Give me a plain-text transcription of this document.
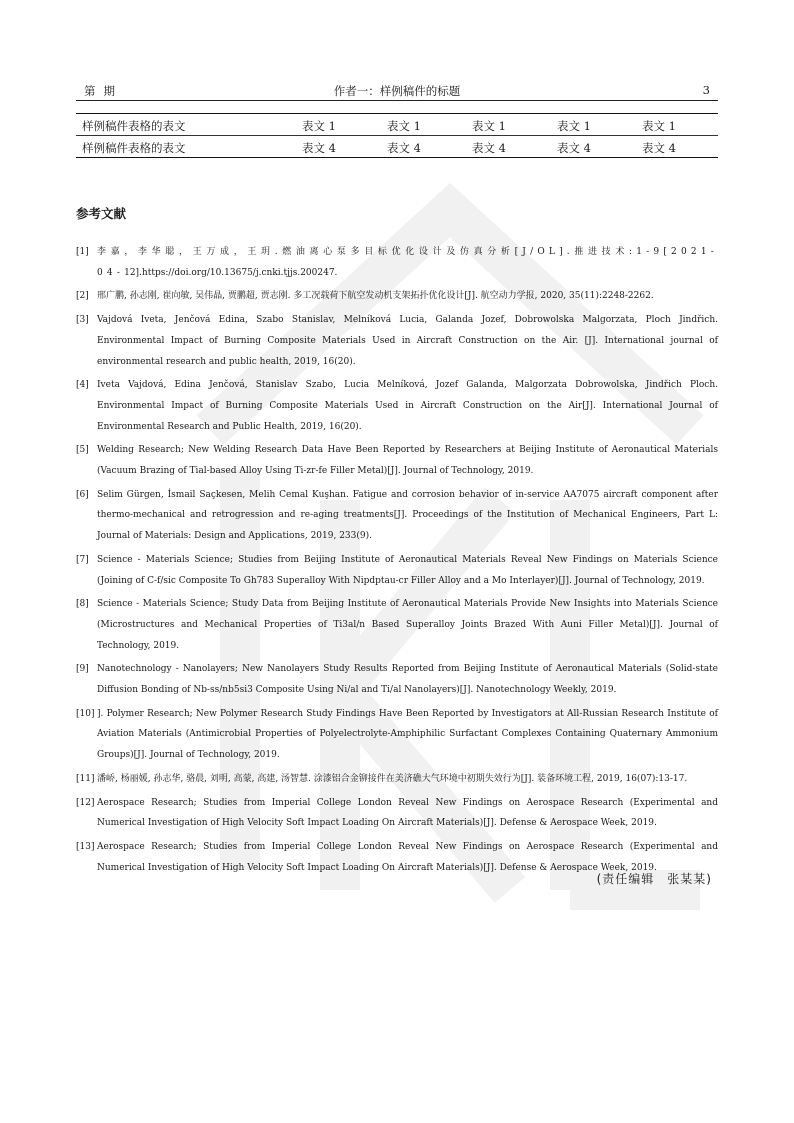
第期	作者一：样例稿件的标题	3
样例稿件表格的表文	表文 1	表文 1	表文 1	表文 1	表文 1
样例稿件表格的表文	表文 4	表文 4	表文 4	表文 4	表文 4
参考文献
[1] 李嘉，李华聪，王万成，王玥.燃油离心泵多目标优化设计及仿真分析[J/OL].推进技术:1-9[2021-04-12].https://doi.org/10.13675/j.cnki.tjjs.200247.
[2] 邢广鹏, 孙志刚, 崔向敏, 吴伟晶, 贾鹏超, 贾志刚. 多工况载荷下航空发动机支架拓扑优化设计[J]. 航空动力学报, 2020, 35(11):2248-2262.
[3] Vajdová Iveta, Jenčová Edina, Szabo Stanislav, Melníková Lucia, Galanda Jozef, Dobrowolska Malgorzata, Ploch Jindřich. Environmental Impact of Burning Composite Materials Used in Aircraft Construction on the Air. [J]. International journal of environmental research and public health, 2019, 16(20).
[4] Iveta Vajdová, Edina Jenčová, Stanislav Szabo, Lucia Melníková, Jozef Galanda, Malgorzata Dobrowolska, Jindřich Ploch. Environmental Impact of Burning Composite Materials Used in Aircraft Construction on the Air[J]. International Journal of Environmental Research and Public Health, 2019, 16(20).
[5] Welding Research; New Welding Research Data Have Been Reported by Researchers at Beijing Institute of Aeronautical Materials (Vacuum Brazing of Tial-based Alloy Using Ti-zr-fe Filler Metal)[J]. Journal of Technology, 2019.
[6] Selim Gürgen, İsmail Saçkesen, Melih Cemal Kuşhan. Fatigue and corrosion behavior of in-service AA7075 aircraft component after thermo-mechanical and retrogression and re-aging treatments[J]. Proceedings of the Institution of Mechanical Engineers, Part L: Journal of Materials: Design and Applications, 2019, 233(9).
[7] Science - Materials Science; Studies from Beijing Institute of Aeronautical Materials Reveal New Findings on Materials Science (Joining of C-f/sic Composite To Gh783 Superalloy With Nipdptau-cr Filler Alloy and a Mo Interlayer)[J]. Journal of Technology, 2019.
[8] Science - Materials Science; Study Data from Beijing Institute of Aeronautical Materials Provide New Insights into Materials Science (Microstructures and Mechanical Properties of Ti3al/n Based Superalloy Joints Brazed With Auni Filler Metal)[J]. Journal of Technology, 2019.
[9] Nanotechnology - Nanolayers; New Nanolayers Study Results Reported from Beijing Institute of Aeronautical Materials (Solid-state Diffusion Bonding of Nb-ss/nb5si3 Composite Using Ni/al and Ti/al Nanolayers)[J]. Nanotechnology Weekly, 2019.
[10] ]. Polymer Research; New Polymer Research Study Findings Have Been Reported by Investigators at All-Russian Research Institute of Aviation Materials (Antimicrobial Properties of Polyelectrolyte-Amphiphilic Surfactant Complexes Containing Quaternary Ammonium Groups)[J]. Journal of Technology, 2019.
[11] 潘峤, 杨丽媛, 孙志华, 骆晨, 刘明, 高蒙, 高建, 汤智慧. 涂漆铝合金铆接件在美济礁大气环境中初期失效行为[J]. 装备环境工程, 2019, 16(07):13-17.
[12] Aerospace Research; Studies from Imperial College London Reveal New Findings on Aerospace Research (Experimental and Numerical Investigation of High Velocity Soft Impact Loading On Aircraft Materials)[J]. Defense & Aerospace Week, 2019.
[13] Aerospace Research; Studies from Imperial College London Reveal New Findings on Aerospace Research (Experimental and Numerical Investigation of High Velocity Soft Impact Loading On Aircraft Materials)[J]. Defense & Aerospace Week, 2019.
(责任编辑　张某某)
